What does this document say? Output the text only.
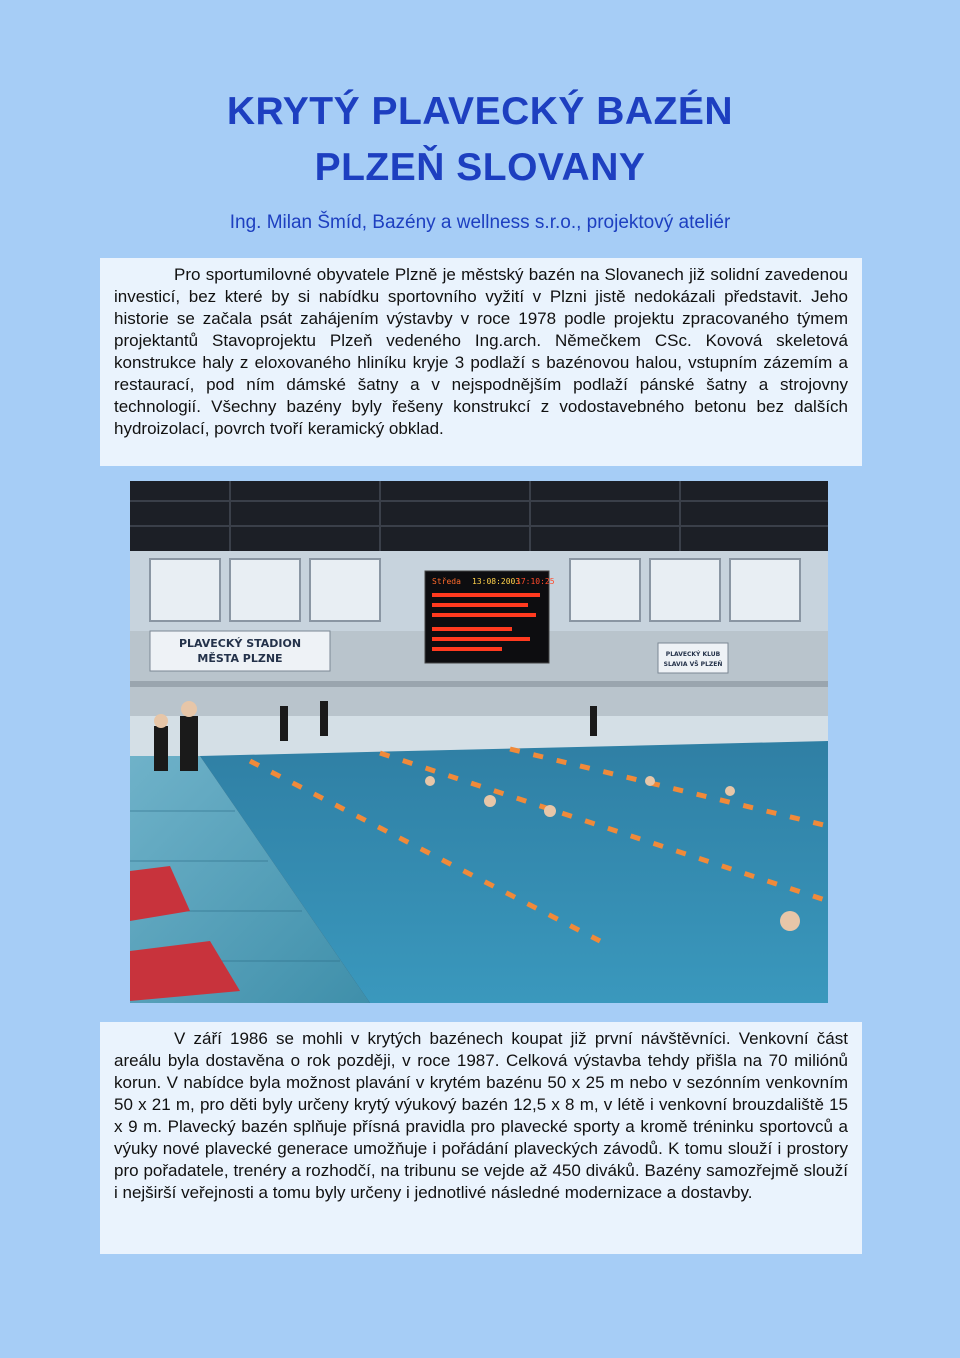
KRYTÝ PLAVECKÝ BAZÉN
PLZEŇ SLOVANY
Ing. Milan Šmíd, Bazény a wellness s.r.o., projektový ateliér

Pro sportumilovné obyvatele Plzně je městský bazén na Slovanech již solidní zavedenou investicí, bez které by si nabídku sportovního vyžití v Plzni jistě nedokázali představit. Jeho historie se začala psát zahájením výstavby v roce 1978 podle projektu zpracovaného týmem projektantů Stavoprojektu Plzeň vedeného Ing.arch. Němečkem CSc. Kovová skeletová konstrukce haly z eloxovaného hliníku kryje 3 podlaží s bazénovou halou, vstupním zázemím a restaurací, pod ním dámské šatny a v nejspodnějším podlaží pánské šatny a strojovny technologií. Všechny bazény byly řešeny konstrukcí z vodostavebného betonu bez dalších hydroizolací, povrch tvoří keramický obklad.

PLAVECKÝ STADION
MĚSTA PLZNE
Středa 13:08:2003
17:10:25
PLAVECKÝ KLUB
SLAVIA VŠ PLZEŇ

V září 1986 se mohli v krytých bazénech koupat již první návštěvníci. Venkovní část areálu byla dostavěna o rok později, v roce 1987. Celková výstavba tehdy přišla na 70 miliónů korun. V nabídce byla možnost plavání v krytém bazénu 50 x 25 m nebo v sezónním venkovním 50 x 21 m, pro děti byly určeny krytý výukový bazén 12,5 x 8 m, v létě i venkovní brouzdaliště 15 x 9 m. Plavecký bazén splňuje přísná pravidla pro plavecké sporty a kromě tréninku sportovců a výuky nové plavecké generace umožňuje i pořádání plaveckých závodů. K tomu slouží i prostory pro pořadatele, trenéry a rozhodčí, na tribunu se vejde až 450 diváků. Bazény samozřejmě slouží i nejširší veřejnosti a tomu byly určeny i jednotlivé následné modernizace a dostavby.
